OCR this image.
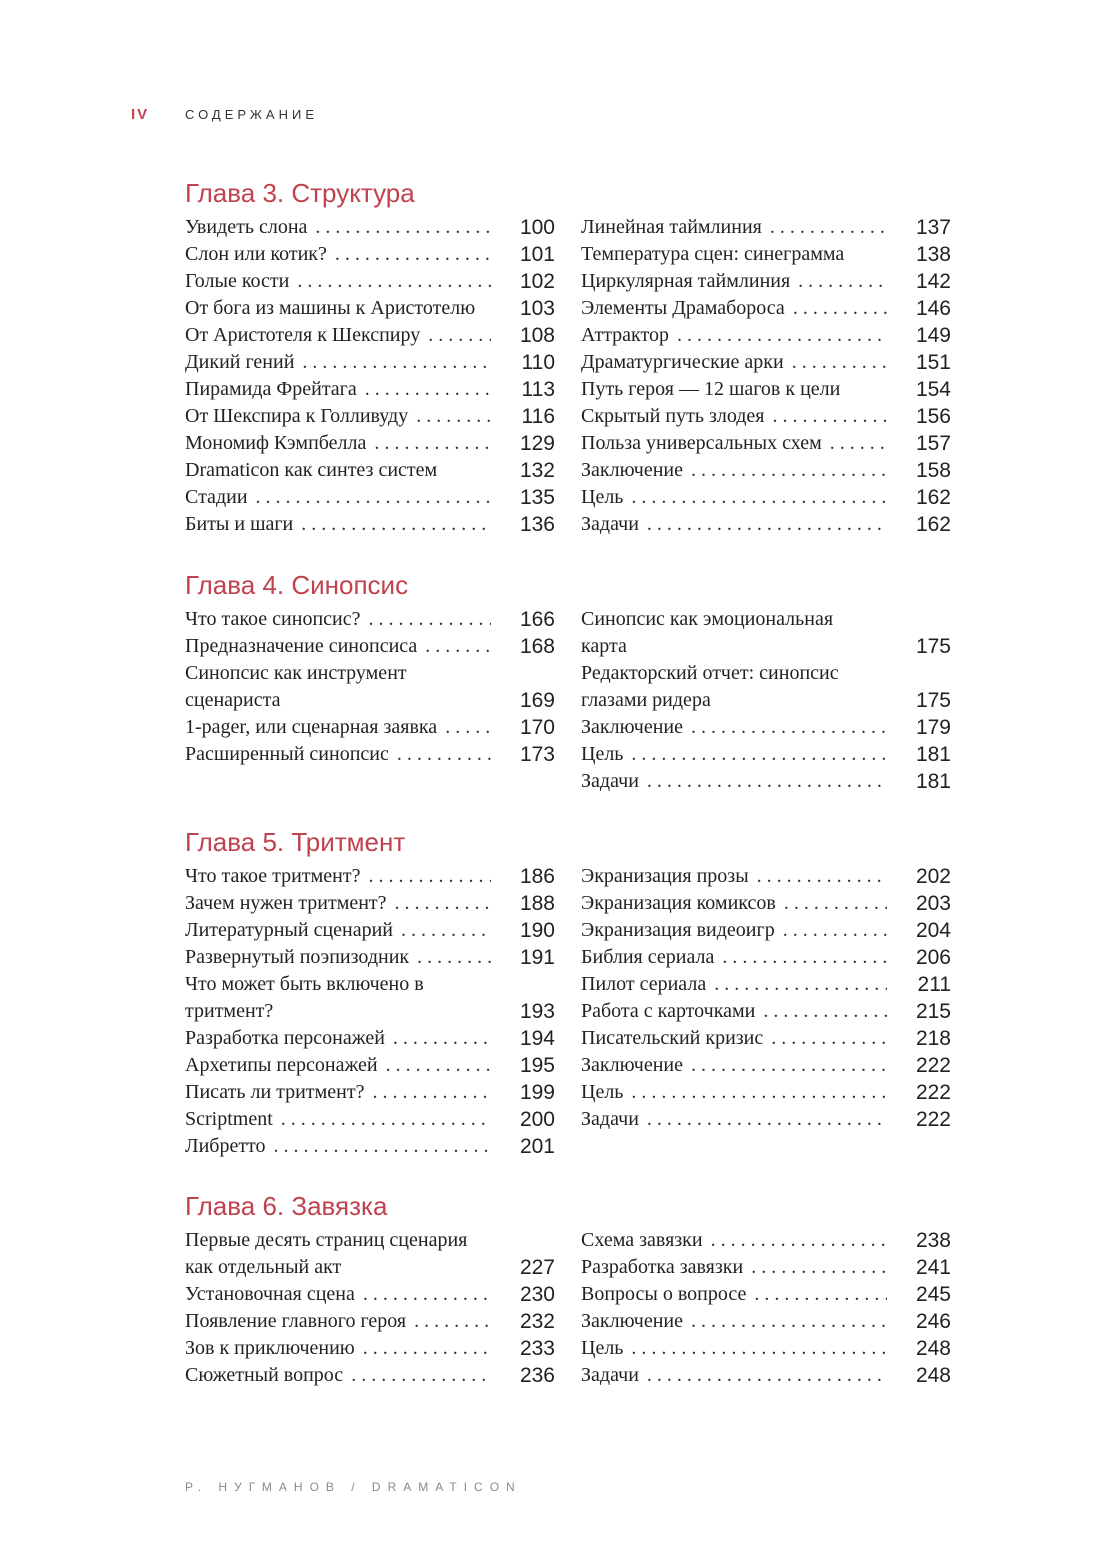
IV	СОДЕРЖАНИЕ
Глава 3. Структура
Увидеть слона . . .	100
Слон или котик? . . .	101
Голые кости . . .	102
От бога из машины к Аристотелю	103
От Аристотеля к Шекспиру . . .	108
Дикий гений . . .	110
Пирамида Фрейтага . . .	113
От Шекспира к Голливуду . . .	116
Мономиф Кэмпбелла . . .	129
Dramaticon как синтез систем	132
Стадии . . .	135
Биты и шаги . . .	136
Линейная таймлиния . . .	137
Температура сцен: синеграмма	138
Циркулярная таймлиния . . .	142
Элементы Драмабороса . . .	146
Аттрактор . . .	149
Драматургические арки . . .	151
Путь героя — 12 шагов к цели	154
Скрытый путь злодея . . .	156
Польза универсальных схем . . .	157
Заключение . . .	158
Цель . . .	162
Задачи . . .	162
Глава 4. Синопсис
Что такое синопсис? . . .	166
Предназначение синопсиса . . .	168
Синопсис как инструмент сценариста	169
1-pager, или сценарная заявка . . .	170
Расширенный синопсис . . .	173
Синопсис как эмоциональная карта	175
Редакторский отчет: синопсис глазами ридера	175
Заключение . . .	179
Цель . . .	181
Задачи . . .	181
Глава 5. Тритмент
Что такое тритмент? . . .	186
Зачем нужен тритмент? . . .	188
Литературный сценарий . . .	190
Развернутый поэпизодник . . .	191
Что может быть включено в тритмент?	193
Разработка персонажей . . .	194
Архетипы персонажей . . .	195
Писать ли тритмент? . . .	199
Scriptment . . .	200
Либретто . . .	201
Экранизация прозы . . .	202
Экранизация комиксов . . .	203
Экранизация видеоигр . . .	204
Библия сериала . . .	206
Пилот сериала . . .	211
Работа с карточками . . .	215
Писательский кризис . . .	218
Заключение . . .	222
Цель . . .	222
Задачи . . .	222
Глава 6. Завязка
Первые десять страниц сценария как отдельный акт	227
Установочная сцена . . .	230
Появление главного героя . . .	232
Зов к приключению . . .	233
Сюжетный вопрос . . .	236
Схема завязки . . .	238
Разработка завязки . . .	241
Вопросы о вопросе . . .	245
Заключение . . .	246
Цель . . .	248
Задачи . . .	248
Р. НУГМАНОВ / DRAMATICON
